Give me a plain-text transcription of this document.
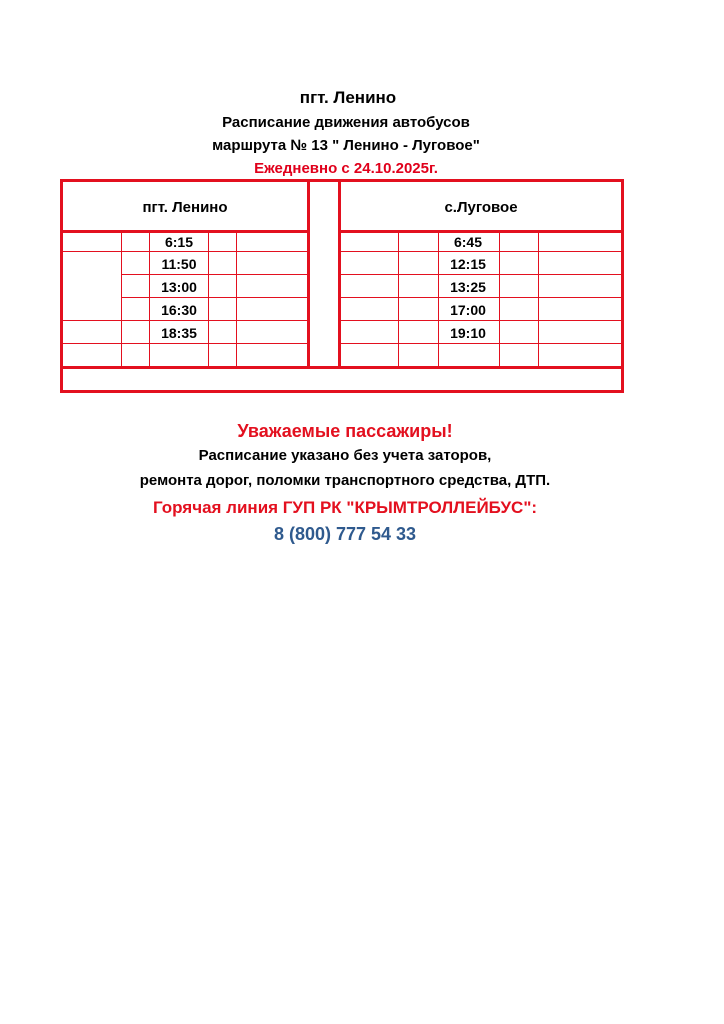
пгт. Ленино
Расписание движения автобусов
маршрута № 13 " Ленино - Луговое"
Ежедневно с 24.10.2025г.
пгт. Ленино	с.Луговое
6:15
11:50
13:00
16:30
18:35
6:45
12:15
13:25
17:00
19:10
Уважаемые пассажиры!
Расписание указано без учета заторов,
ремонта дорог, поломки транспортного средства, ДТП.
Горячая линия ГУП РК "КРЫМТРОЛЛЕЙБУС":
8 (800) 777 54 33
